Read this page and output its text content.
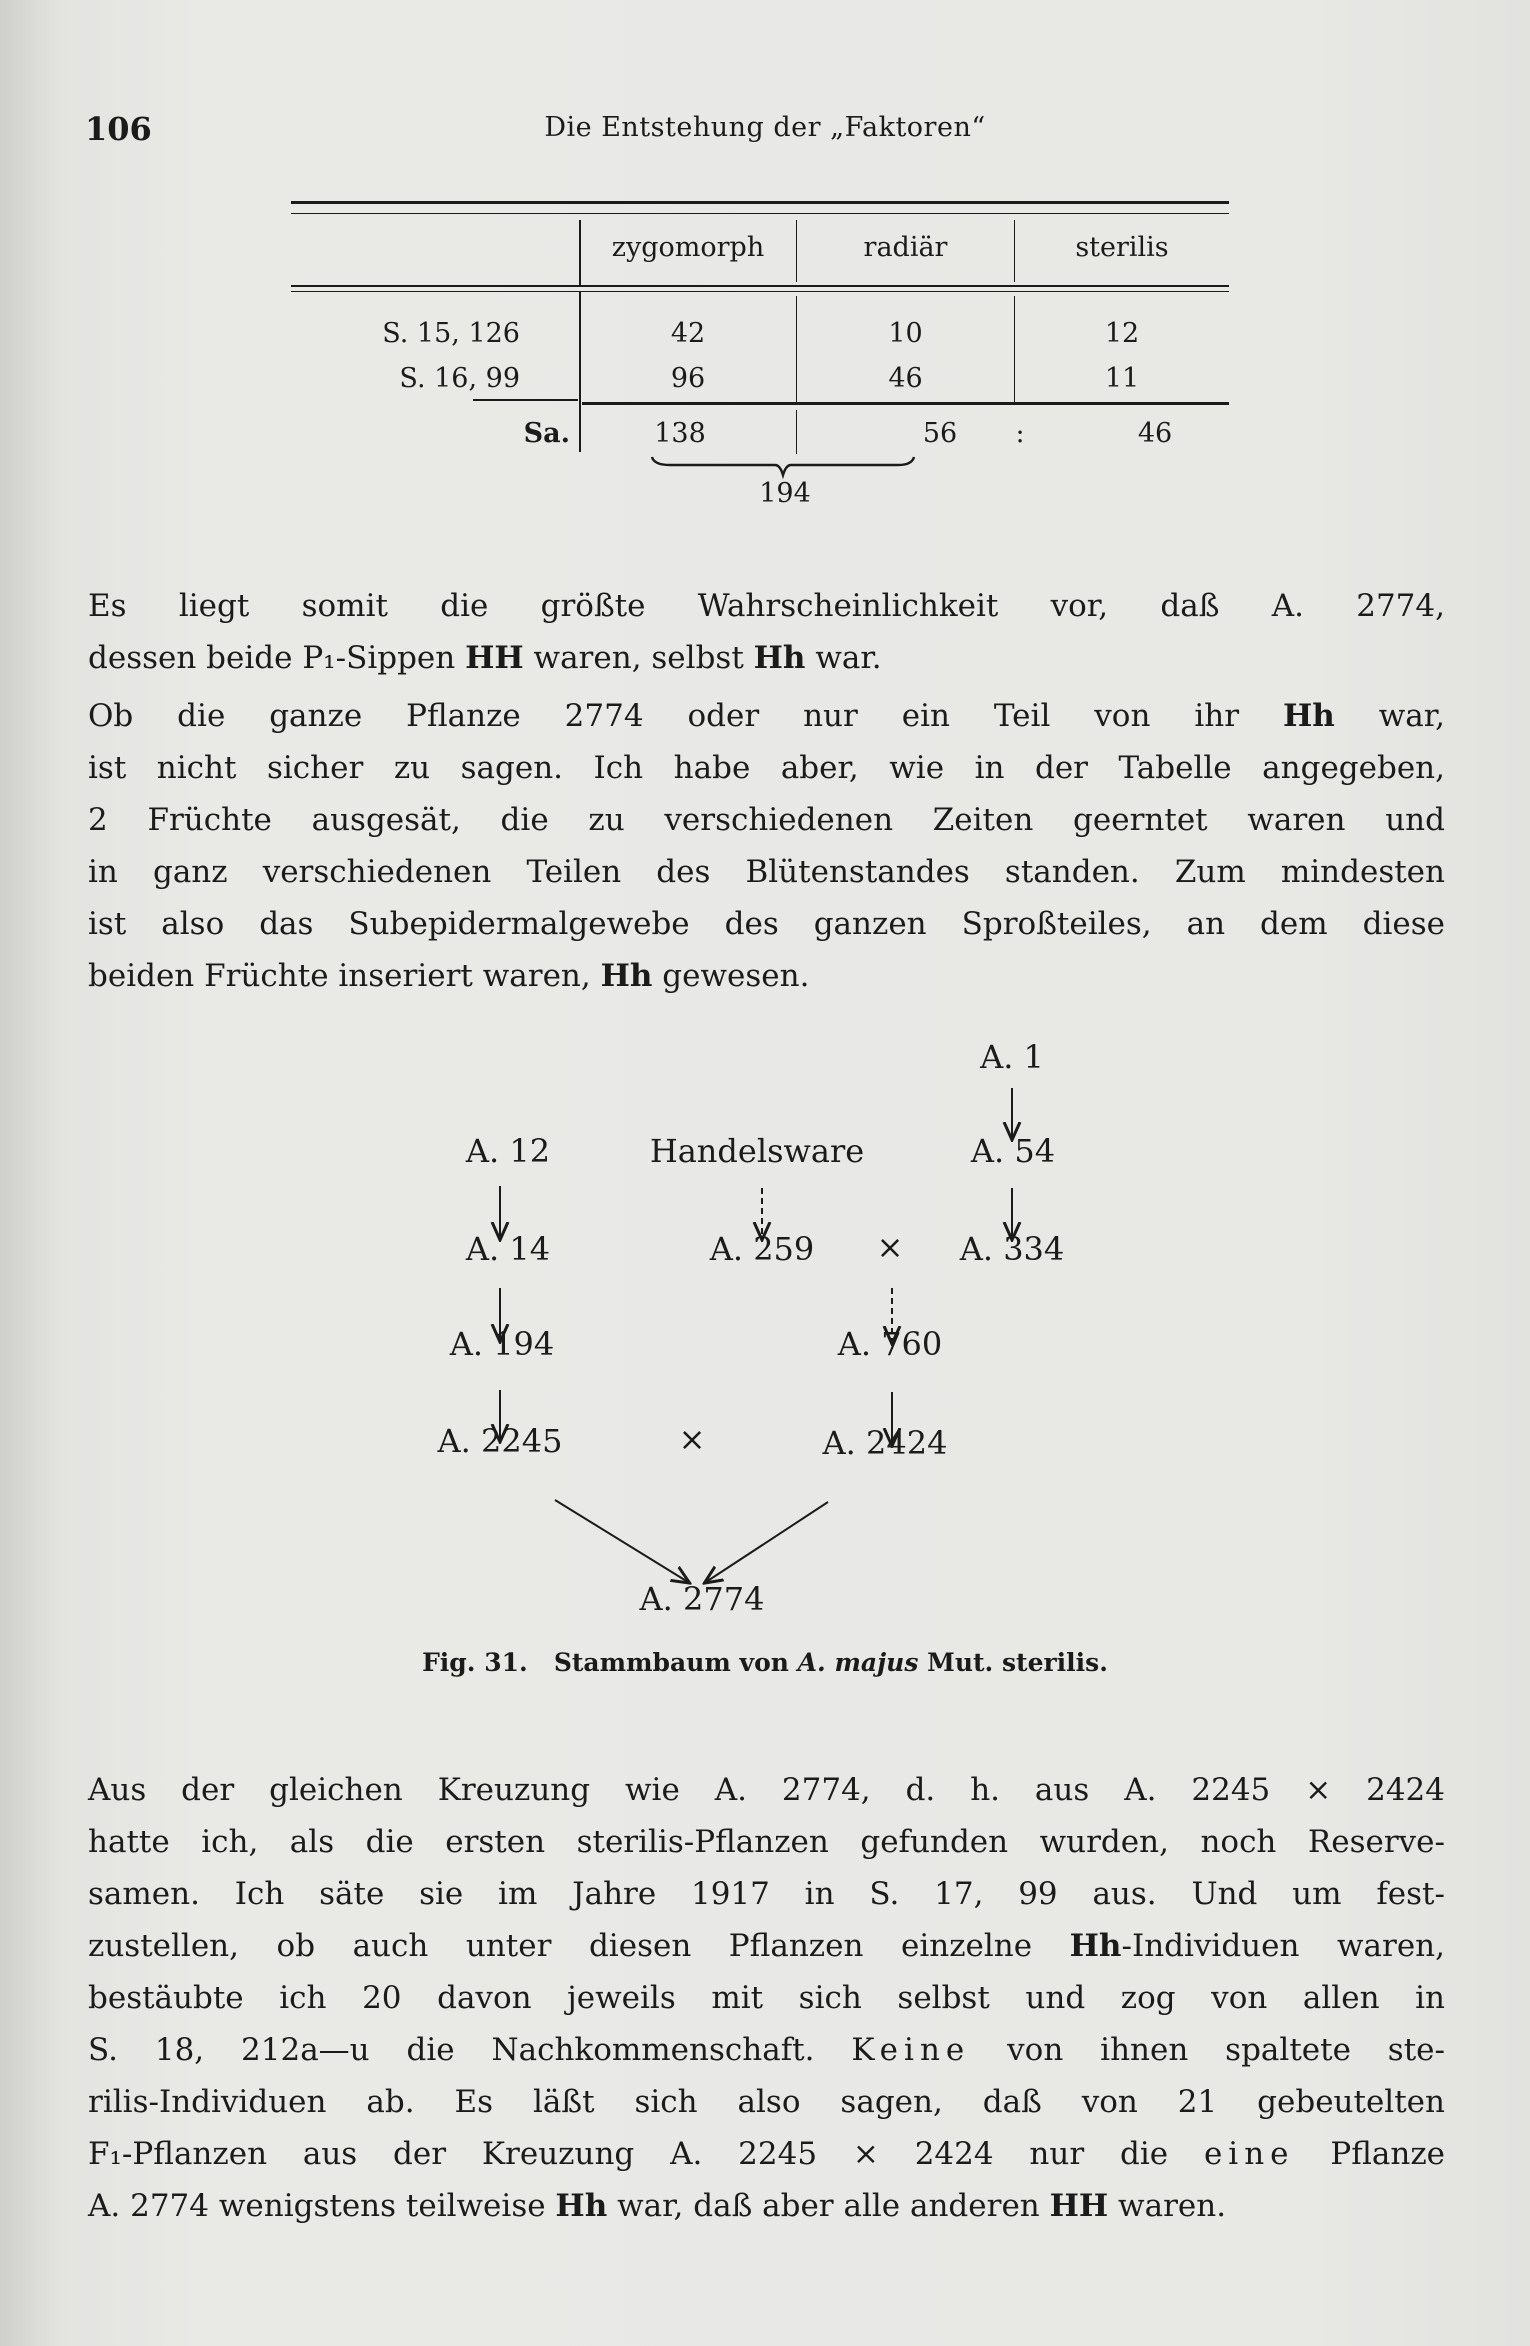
106	Die Entstehung der „Faktoren“
zygomorph	radiär	sterilis
S. 15, 126	42	10	12
S. 16, 99	96	46	11
Sa.	138	56	:	46
194
Es liegt somit die größte Wahrscheinlichkeit vor, daß A. 2774,
dessen beide P₁-Sippen HH waren, selbst Hh war.
Ob die ganze Pflanze 2774 oder nur ein Teil von ihr Hh war,
ist nicht sicher zu sagen. Ich habe aber, wie in der Tabelle angegeben,
2 Früchte ausgesät, die zu verschiedenen Zeiten geerntet waren und
in ganz verschiedenen Teilen des Blütenstandes standen. Zum mindesten
ist also das Subepidermalgewebe des ganzen Sproßteiles, an dem diese
beiden Früchte inseriert waren, Hh gewesen.
Aus der gleichen Kreuzung wie A. 2774, d. h. aus A. 2245 × 2424
hatte ich, als die ersten sterilis-Pflanzen gefunden wurden, noch Reserve-
samen. Ich säte sie im Jahre 1917 in S. 17, 99 aus. Und um fest-
zustellen, ob auch unter diesen Pflanzen einzelne Hh-Individuen waren,
bestäubte ich 20 davon jeweils mit sich selbst und zog von allen in
S. 18, 212a—u die Nachkommenschaft. Keine von ihnen spaltete ste-
rilis-Individuen ab. Es läßt sich also sagen, daß von 21 gebeutelten
F₁-Pflanzen aus der Kreuzung A. 2245 × 2424 nur die eine Pflanze
A. 2774 wenigstens teilweise Hh war, daß aber alle anderen HH waren.
A. 1
A. 12	Handelsware	A. 54
A. 14	A. 259 × A. 334
A. 194	A. 760
A. 2245	×	A. 2424
A. 2774
Fig. 31. Stammbaum von A. majus Mut. sterilis.
